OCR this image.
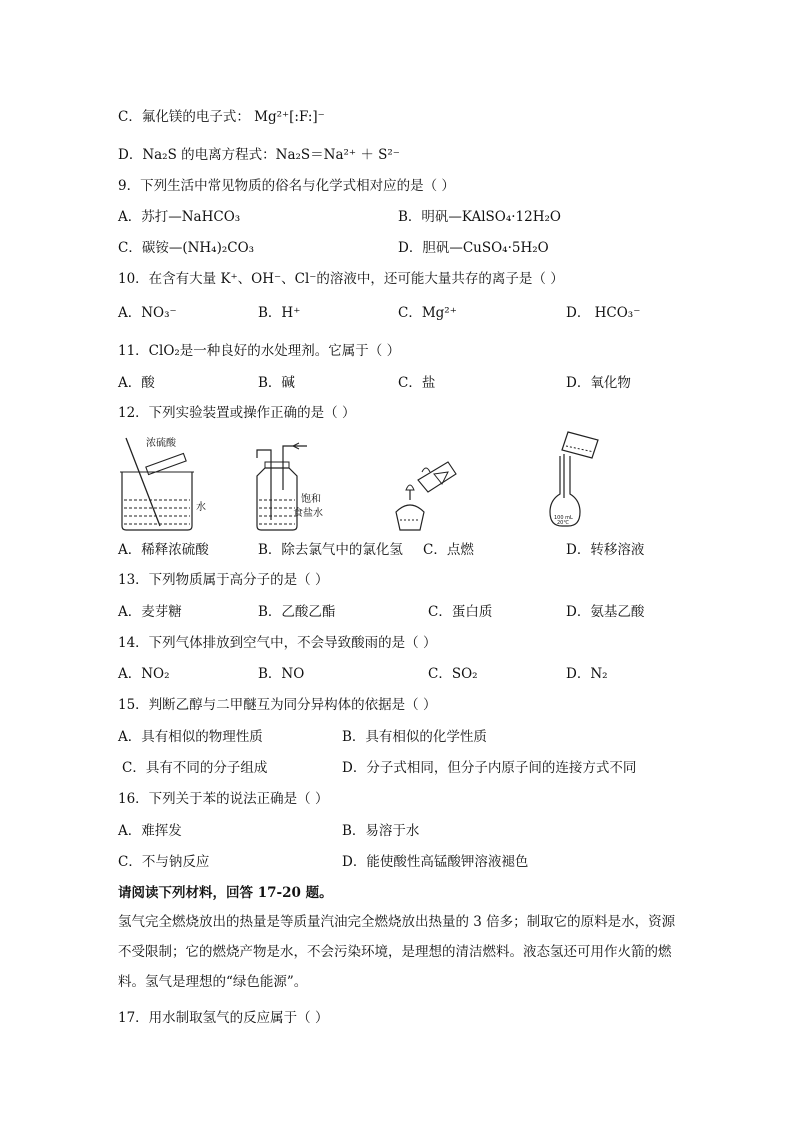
C．氟化镁的电子式： Mg²⁺[:F:]⁻
D．Na₂S 的电离方程式：Na₂S＝Na²⁺ ＋ S²⁻
9．下列生活中常见物质的俗名与化学式相对应的是（ ）
A．苏打—NaHCO₃	B．明矾—KAlSO₄·12H₂O
C．碳铵—(NH₄)₂CO₃	D．胆矾—CuSO₄·5H₂O
10．在含有大量 K⁺、OH⁻、Cl⁻的溶液中，还可能大量共存的离子是（ ）
A．NO₃⁻	B．H⁺	C．Mg²⁺	D． HCO₃⁻
11．ClO₂是一种良好的水处理剂。它属于（ ）
A．酸	B．碱	C．盐	D．氧化物
12．下列实验装置或操作正确的是（ ）
浓硫酸
水
饱和
食盐水	100 mL
20℃
A．稀释浓硫酸	B．除去氯气中的氯化氢 C．点燃	D．转移溶液
13．下列物质属于高分子的是（ ）
A．麦芽糖	B．乙酸乙酯	C．蛋白质	D．氨基乙酸
14．下列气体排放到空气中，不会导致酸雨的是（ ）
A．NO₂	B．NO	C．SO₂	D．N₂
15．判断乙醇与二甲醚互为同分异构体的依据是（ ）
A．具有相似的物理性质	B．具有相似的化学性质
C．具有不同的分子组成	D．分子式相同，但分子内原子间的连接方式不同
16．下列关于苯的说法正确是（ ）
A．难挥发	B．易溶于水
C．不与钠反应	D．能使酸性高锰酸钾溶液褪色
请阅读下列材料，回答 17-20 题。
氢气完全燃烧放出的热量是等质量汽油完全燃烧放出热量的 3 倍多；制取它的原料是水，资源不受限制；它的燃烧产物是水，不会污染环境，是理想的清洁燃料。液态氢还可用作火箭的燃料。氢气是理想的“绿色能源”。
17．用水制取氢气的反应属于（ ）
